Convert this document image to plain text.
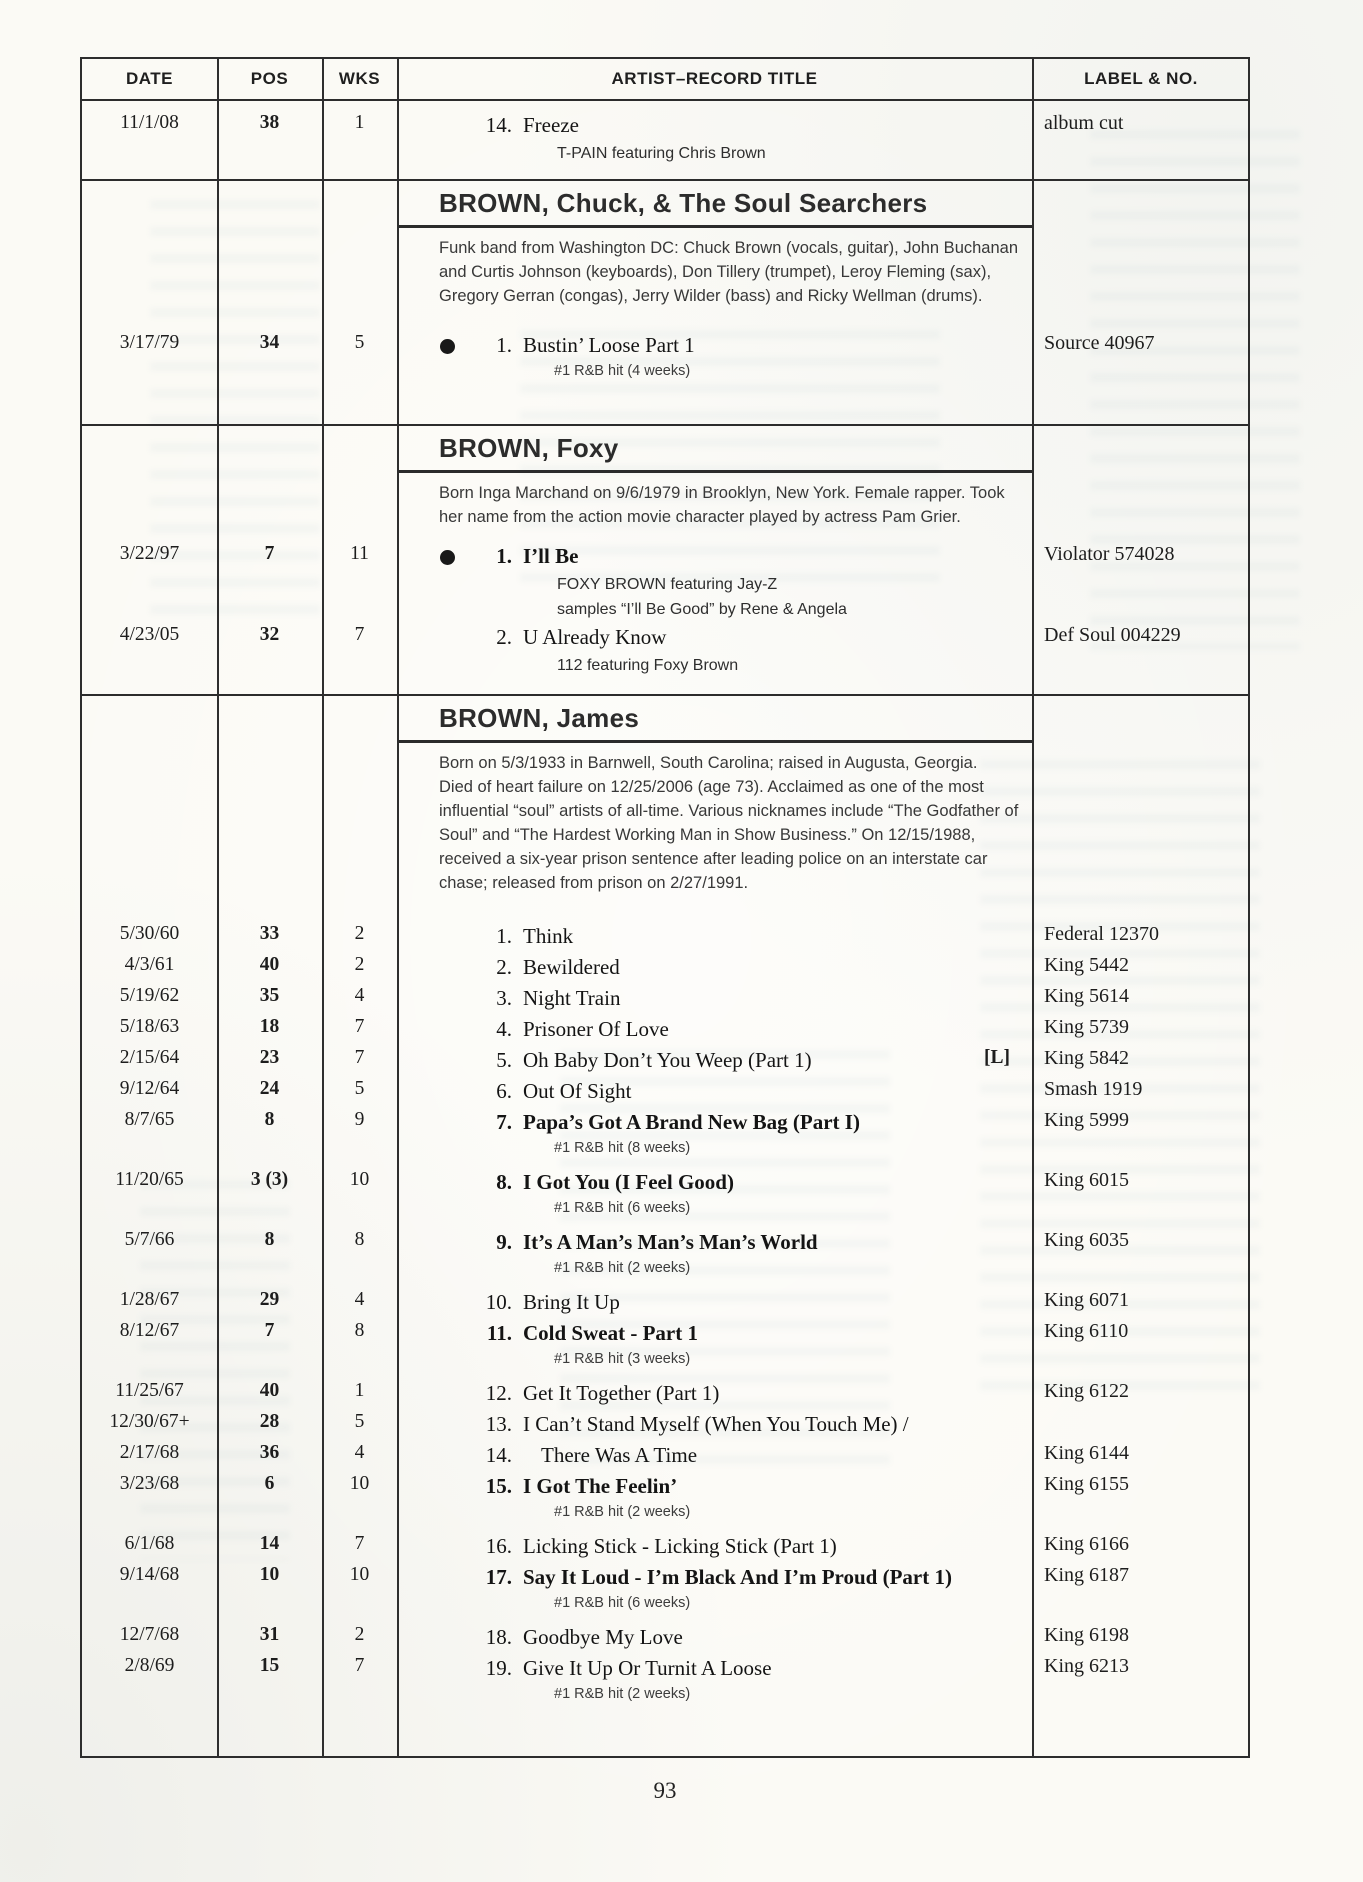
DATE	POS	WKS	ARTIST–RECORD TITLE	LABEL & NO.
11/1/08	38	1	14. Freeze	album cut
T-PAIN featuring Chris Brown
BROWN, Chuck, & The Soul Searchers
Funk band from Washington DC: Chuck Brown (vocals, guitar), John Buchanan
and Curtis Johnson (keyboards), Don Tillery (trumpet), Leroy Fleming (sax),
Gregory Gerran (congas), Jerry Wilder (bass) and Ricky Wellman (drums).
3/17/79	34	5	1. Bustin’ Loose Part 1	Source 40967
#1 R&B hit (4 weeks)
BROWN, Foxy
Born Inga Marchand on 9/6/1979 in Brooklyn, New York. Female rapper. Took
her name from the action movie character played by actress Pam Grier.
3/22/97	7	11	1. I’ll Be	Violator 574028
FOXY BROWN featuring Jay-Z
samples “I’ll Be Good” by Rene & Angela
4/23/05	32	7	2. U Already Know	Def Soul 004229
112 featuring Foxy Brown
BROWN, James
Born on 5/3/1933 in Barnwell, South Carolina; raised in Augusta, Georgia.
Died of heart failure on 12/25/2006 (age 73). Acclaimed as one of the most
influential “soul” artists of all-time. Various nicknames include “The Godfather of
Soul” and “The Hardest Working Man in Show Business.” On 12/15/1988,
received a six-year prison sentence after leading police on an interstate car
chase; released from prison on 2/27/1991.
5/30/60	33	2	1. Think	Federal 12370
4/3/61	40	2	2. Bewildered	King 5442
5/19/62	35	4	3. Night Train	King 5614
5/18/63	18	7	4. Prisoner Of Love	King 5739
2/15/64	23	7	5. Oh Baby Don’t You Weep (Part 1)	[L] King 5842
9/12/64	24	5	6. Out Of Sight	Smash 1919
8/7/65	8	9	7. Papa’s Got A Brand New Bag (Part I)	King 5999
#1 R&B hit (8 weeks)
11/20/65	3 (3)	10	8. I Got You (I Feel Good)	King 6015
#1 R&B hit (6 weeks)
5/7/66	8	8	9. It’s A Man’s Man’s Man’s World	King 6035
#1 R&B hit (2 weeks)
1/28/67	29	4	10. Bring It Up	King 6071
8/12/67	7	8	11. Cold Sweat - Part 1	King 6110
#1 R&B hit (3 weeks)
11/25/67	40	1	12. Get It Together (Part 1)	King 6122
12/30/67+	28	5	13. I Can’t Stand Myself (When You Touch Me) /
2/17/68	36	4	14. There Was A Time	King 6144
3/23/68	6	10	15. I Got The Feelin’	King 6155
#1 R&B hit (2 weeks)
6/1/68	14	7	16. Licking Stick - Licking Stick (Part 1)	King 6166
9/14/68	10	10	17. Say It Loud - I’m Black And I’m Proud (Part 1)	King 6187
#1 R&B hit (6 weeks)
12/7/68	31	2	18. Goodbye My Love	King 6198
2/8/69	15	7	19. Give It Up Or Turnit A Loose	King 6213
#1 R&B hit (2 weeks)
93
